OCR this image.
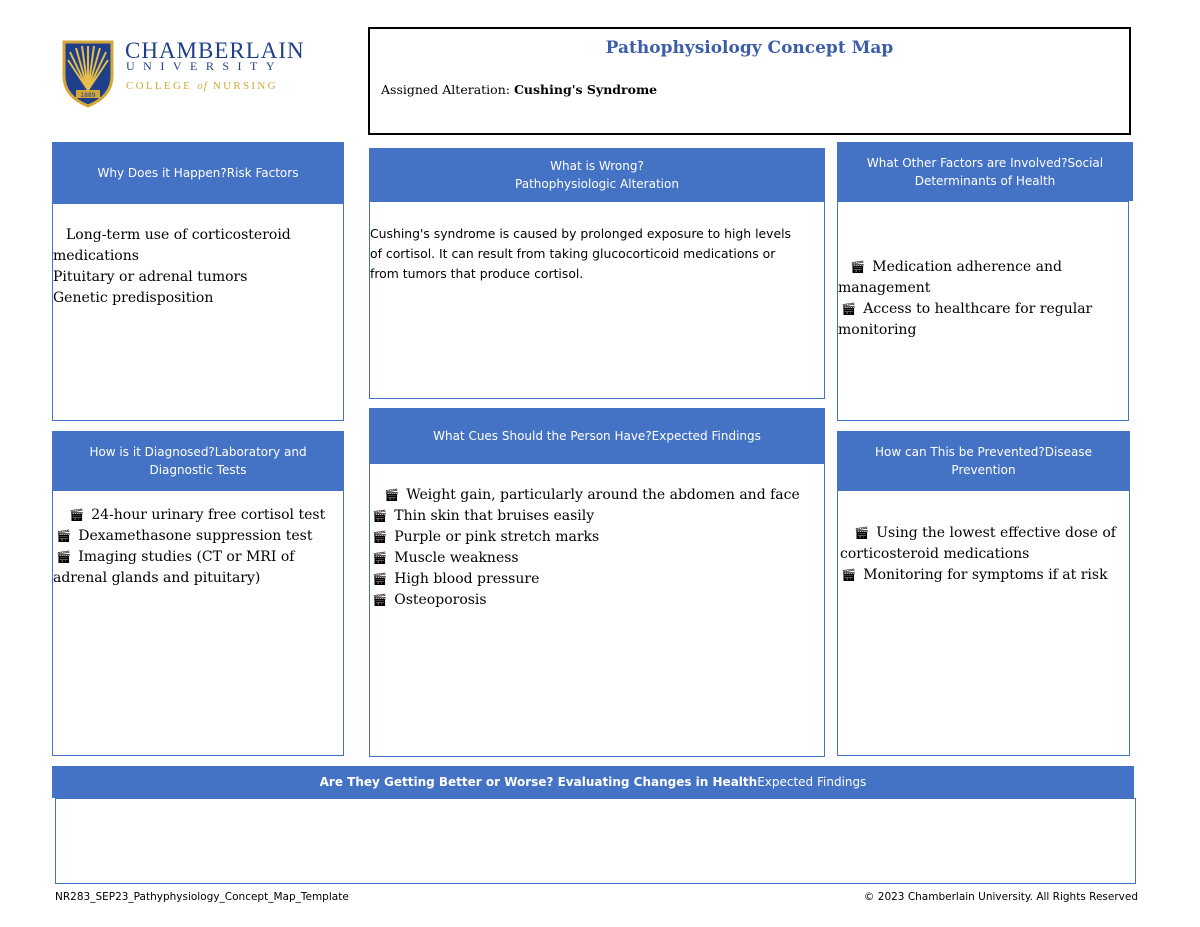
1889
CHAMBERLAIN
UNIVERSITY
COLLEGE of NURSING
Pathophysiology Concept Map
Assigned Alteration: Cushing's Syndrome
Why Does it Happen?Risk Factors
Long-term use of corticosteroid
medications
Pituitary or adrenal tumors
Genetic predisposition
What is Wrong?
Pathophysiologic Alteration
Cushing's syndrome is caused by prolonged exposure to high levels
of cortisol. It can result from taking glucocorticoid medications or
from tumors that produce cortisol.
What Other Factors are Involved?Social
Determinants of Health
🎬︎ Medication adherence and
management
🎬︎ Access to healthcare for regular
monitoring
How is it Diagnosed?Laboratory and
Diagnostic Tests
🎬︎ 24-hour urinary free cortisol test
🎬︎ Dexamethasone suppression test
🎬︎ Imaging studies (CT or MRI of
adrenal glands and pituitary)
What Cues Should the Person Have?Expected Findings
🎬︎ Weight gain, particularly around the abdomen and face
🎬︎ Thin skin that bruises easily
🎬︎ Purple or pink stretch marks
🎬︎ Muscle weakness
🎬︎ High blood pressure
🎬︎ Osteoporosis
How can This be Prevented?Disease
Prevention
🎬︎ Using the lowest effective dose of
corticosteroid medications
🎬︎ Monitoring for symptoms if at risk
Are They Getting Better or Worse? Evaluating Changes in HealthExpected Findings
NR283_SEP23_Pathyphysiology_Concept_Map_Template	© 2023 Chamberlain University. All Rights Reserved
